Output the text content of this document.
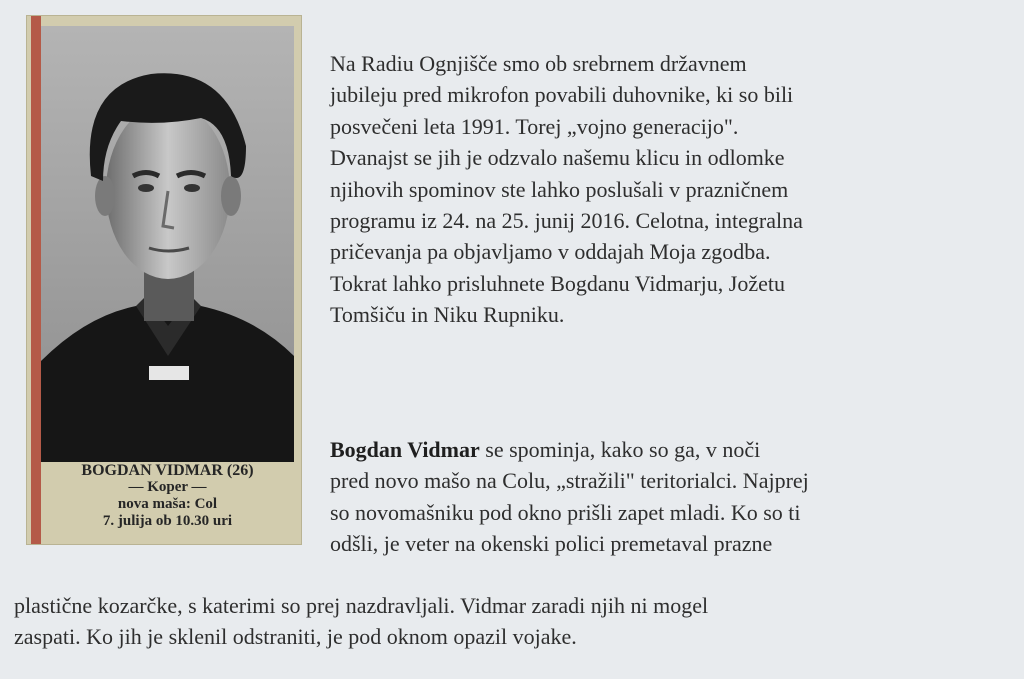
BOGDAN VIDMAR (26)
— Koper —
nova maša: Col
7. julija ob 10.30 uri

Na Radiu Ognjišče smo ob srebrnem državnem

jubileju pred mikrofon povabili duhovnike, ki so bili

posvečeni leta 1991. Torej „vojno generacijo".

Dvanajst se jih je odzvalo našemu klicu in odlomke

njihovih spominov ste lahko poslušali v prazničnem

programu iz 24. na 25. junij 2016. Celotna, integralna

pričevanja pa objavljamo v oddajah Moja zgodba.

Tokrat lahko prisluhnete Bogdanu Vidmarju, Jožetu

Tomšiču in Niku Rupniku.

Bogdan Vidmar se spominja, kako so ga, v noči

pred novo mašo na Colu, „stražili" teritorialci. Najprej

so novomašniku pod okno prišli zapet mladi. Ko so ti

odšli, je veter na okenski polici premetaval prazne

plastične kozarčke, s katerimi so prej nazdravljali. Vidmar zaradi njih ni mogel

zaspati. Ko jih je sklenil odstraniti, je pod oknom opazil vojake.
